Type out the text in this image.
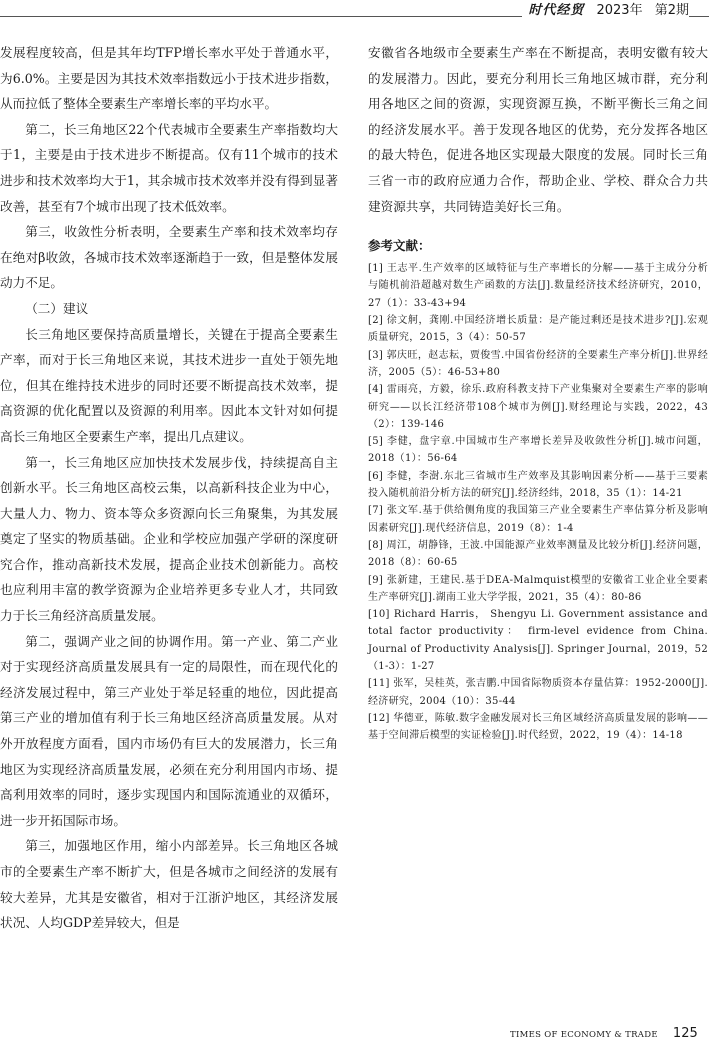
时代经贸 2023年 第2期

发展程度较高，但是其年均TFP增长率水平处于普通水平，为6.0%。主要是因为其技术效率指数远小于技术进步指数，从而拉低了整体全要素生产率增长率的平均水平。

第二，长三角地区22个代表城市全要素生产率指数均大于1，主要是由于技术进步不断提高。仅有11个城市的技术进步和技术效率均大于1，其余城市技术效率并没有得到显著改善，甚至有7个城市出现了技术低效率。

第三，收敛性分析表明，全要素生产率和技术效率均存在绝对β收敛，各城市技术效率逐渐趋于一致，但是整体发展动力不足。

（二）建议

长三角地区要保持高质量增长，关键在于提高全要素生产率，而对于长三角地区来说，其技术进步一直处于领先地位，但其在维持技术进步的同时还要不断提高技术效率，提高资源的优化配置以及资源的利用率。因此本文针对如何提高长三角地区全要素生产率，提出几点建议。

第一，长三角地区应加快技术发展步伐，持续提高自主创新水平。长三角地区高校云集，以高新科技企业为中心，大量人力、物力、资本等众多资源向长三角聚集，为其发展奠定了坚实的物质基础。企业和学校应加强产学研的深度研究合作，推动高新技术发展，提高企业技术创新能力。高校也应利用丰富的教学资源为企业培养更多专业人才，共同致力于长三角经济高质量发展。

第二，强调产业之间的协调作用。第一产业、第二产业对于实现经济高质量发展具有一定的局限性，而在现代化的经济发展过程中，第三产业处于举足轻重的地位，因此提高第三产业的增加值有利于长三角地区经济高质量发展。从对外开放程度方面看，国内市场仍有巨大的发展潜力，长三角地区为实现经济高质量发展，必须在充分利用国内市场、提高利用效率的同时，逐步实现国内和国际流通业的双循环，进一步开拓国际市场。

第三，加强地区作用，缩小内部差异。长三角地区各城市的全要素生产率不断扩大，但是各城市之间经济的发展有较大差异，尤其是安徽省，相对于江浙沪地区，其经济发展状况、人均GDP差异较大，但是

安徽省各地级市全要素生产率在不断提高，表明安徽有较大的发展潜力。因此，要充分利用长三角地区城市群，充分利用各地区之间的资源，实现资源互换，不断平衡长三角之间的经济发展水平。善于发现各地区的优势，充分发挥各地区的最大特色，促进各地区实现最大限度的发展。同时长三角三省一市的政府应通力合作，帮助企业、学校、群众合力共建资源共享，共同铸造美好长三角。

参考文献：

[1] 王志平.生产效率的区域特征与生产率增长的分解——基于主成分分析与随机前沿超越对数生产函数的方法[J].数量经济技术经济研究，2010，27（1）：33-43+94
[2] 徐文舸，龚刚.中国经济增长质量：是产能过剩还是技术进步?[J].宏观质量研究，2015，3（4）：50-57
[3] 郭庆旺，赵志耘，贾俊雪.中国省份经济的全要素生产率分析[J].世界经济，2005（5）：46-53+80
[4] 雷雨亮，方毅，徐乐.政府科教支持下产业集聚对全要素生产率的影响研究——以长江经济带108个城市为例[J].财经理论与实践，2022，43（2）：139-146
[5] 李健，盘宇章.中国城市生产率增长差异及收敛性分析[J].城市问题，2018（1）：56-64
[6] 李健，李澍.东北三省城市生产效率及其影响因素分析——基于三要素投入随机前沿分析方法的研究[J].经济经纬，2018，35（1）：14-21
[7] 张文军.基于供给侧角度的我国第三产业全要素生产率估算分析及影响因素研究[J].现代经济信息，2019（8）：1-4
[8] 周江，胡静锋，王波.中国能源产业效率测量及比较分析[J].经济问题，2018（8）：60-65
[9] 张新建，王建民.基于DEA-Malmquist模型的安徽省工业企业全要素生产率研究[J].湖南工业大学学报，2021，35（4）：80-86
[10] Richard Harris， Shengyu Li. Government assistance and total factor productivity： firm-level evidence from China. Journal of Productivity Analysis[J]. Springer Journal，2019，52（1-3）：1-27
[11] 张军，吴桂英，张吉鹏.中国省际物质资本存量估算：1952-2000[J].经济研究，2004（10）：35-44
[12] 华德亚，陈敏.数字金融发展对长三角区域经济高质量发展的影响——基于空间滞后模型的实证检验[J].时代经贸，2022，19（4）：14-18
TIMES OF ECONOMY & TRADE 125
